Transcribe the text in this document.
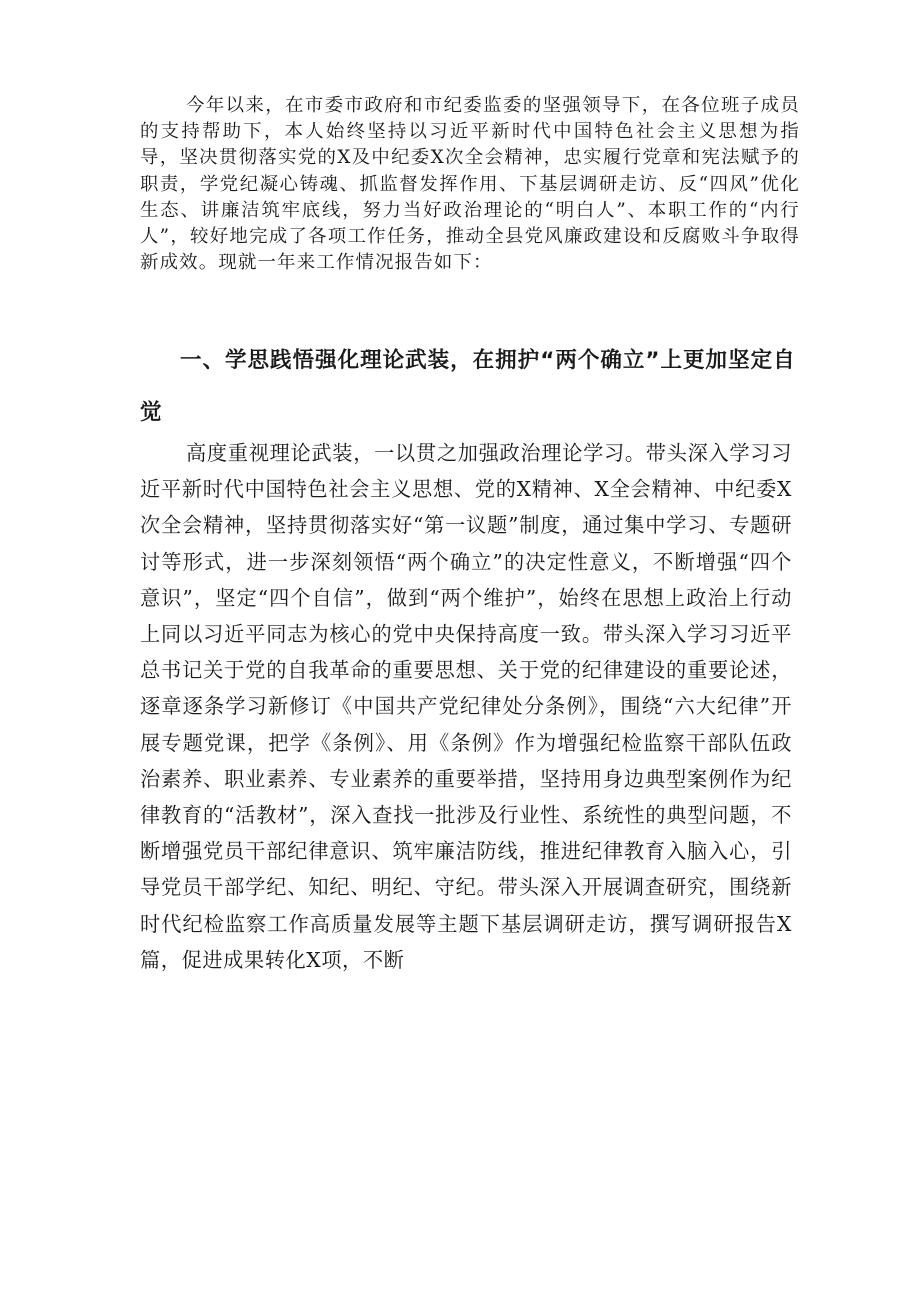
今年以来，在市委市政府和市纪委监委的坚强领导下，在各位班子成员的支持帮助下，本人始终坚持以习近平新时代中国特色社会主义思想为指导，坚决贯彻落实党的X及中纪委X次全会精神，忠实履行党章和宪法赋予的职责，学党纪凝心铸魂、抓监督发挥作用、下基层调研走访、反“四风”优化生态、讲廉洁筑牢底线，努力当好政治理论的“明白人”、本职工作的“内行人”，较好地完成了各项工作任务，推动全县党风廉政建设和反腐败斗争取得新成效。现就一年来工作情况报告如下：

一、学思践悟强化理论武装，在拥护“两个确立”上更加坚定自觉

高度重视理论武装，一以贯之加强政治理论学习。带头深入学习习近平新时代中国特色社会主义思想、党的X精神、X全会精神、中纪委X次全会精神，坚持贯彻落实好“第一议题”制度，通过集中学习、专题研讨等形式，进一步深刻领悟“两个确立”的决定性意义，不断增强“四个意识”，坚定“四个自信”，做到“两个维护”，始终在思想上政治上行动上同以习近平同志为核心的党中央保持高度一致。带头深入学习习近平总书记关于党的自我革命的重要思想、关于党的纪律建设的重要论述，逐章逐条学习新修订《中国共产党纪律处分条例》，围绕“六大纪律”开展专题党课，把学《条例》、用《条例》作为增强纪检监察干部队伍政治素养、职业素养、专业素养的重要举措，坚持用身边典型案例作为纪律教育的“活教材”，深入查找一批涉及行业性、系统性的典型问题，不断增强党员干部纪律意识、筑牢廉洁防线，推进纪律教育入脑入心，引导党员干部学纪、知纪、明纪、守纪。带头深入开展调查研究，围绕新时代纪检监察工作高质量发展等主题下基层调研走访，撰写调研报告X篇，促进成果转化X项，不断
